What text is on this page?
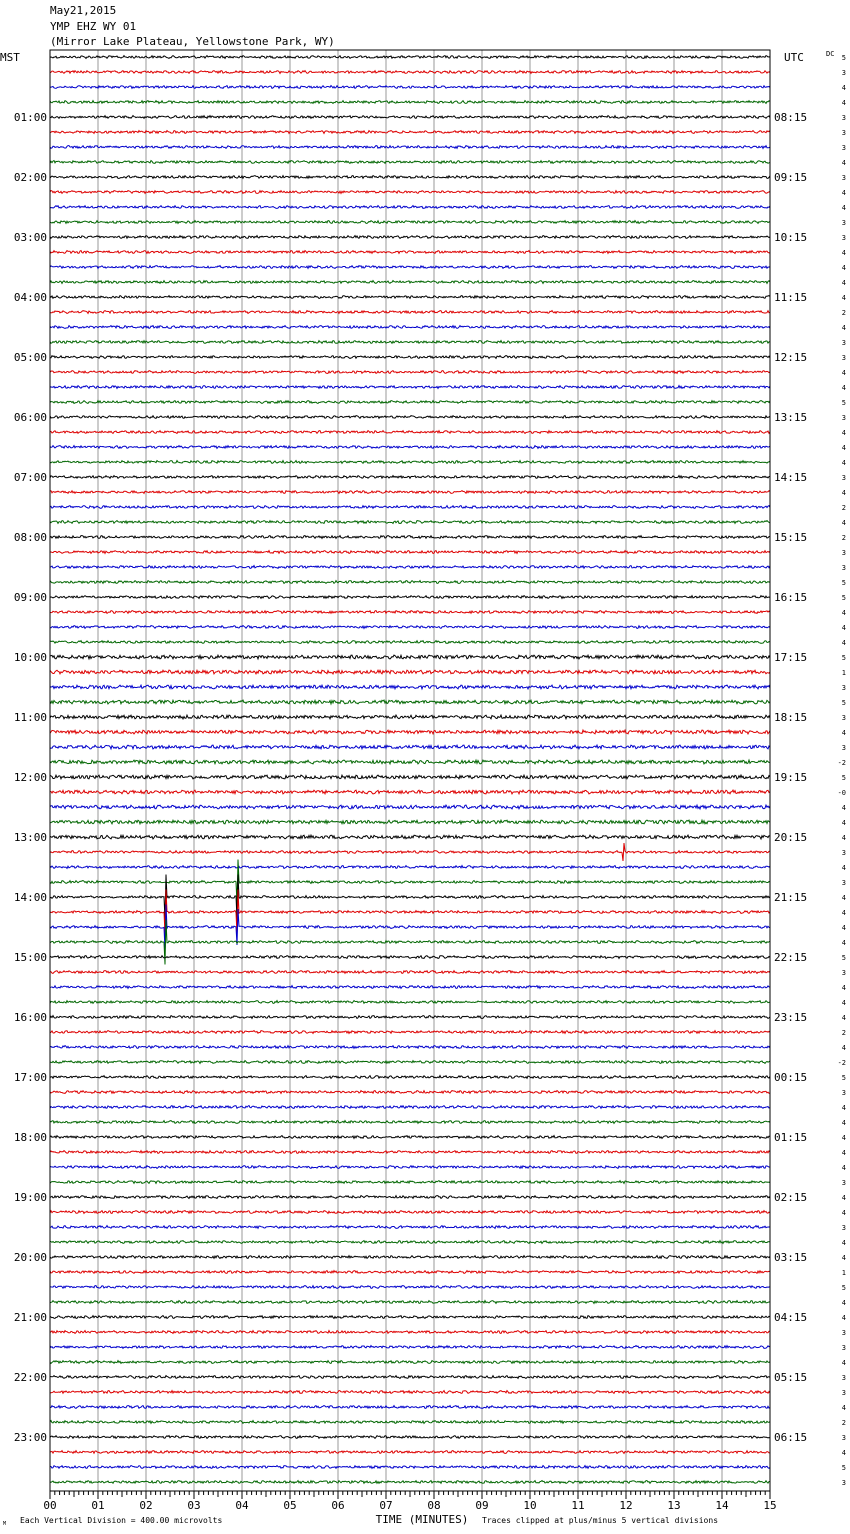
May21,2015
YMP EHZ WY 01
(Mirror Lake Plateau, Yellowstone Park, WY)
MST	UTC	DC
01:00
02:00
03:00
04:00
05:00
06:00
07:00
08:00
09:00
10:00
11:00
12:00
13:00
14:00
15:00
16:00
17:00
18:00
19:00
20:00
21:00
22:00
23:00
08:15
09:15
10:15
11:15
12:15
13:15
14:15
15:15
16:15
17:15
18:15
19:15
20:15
21:15
22:15
23:15
00:15
01:15
02:15
03:15
04:15
05:15
06:15
5
3
4
4
3
3
3
4
3
4
4
3
3
4
4
4
4
2
4
3
3
4
4
5
3
4
4
4
3
4
2
4
2
3
3
5
5
4
4
4
5
1
3
5
3
4
3
-2
5
-0
4
4
4
3
4
3
4
4
4
4
5
3
4
4
4
2
4
-2
5
3
4
4
4
4
4
3
4
4
3
4
4
1
5
4
4
3
3
4
3
3
4
2
3
4
5
3
00	01	02	03	04	05	06	07	08	09	10	11	12	13	14	15
Each Vertical Division = 400.00 microvolts	TIME (MINUTES) Traces clipped at plus/minus 5 vertical divisions
M
